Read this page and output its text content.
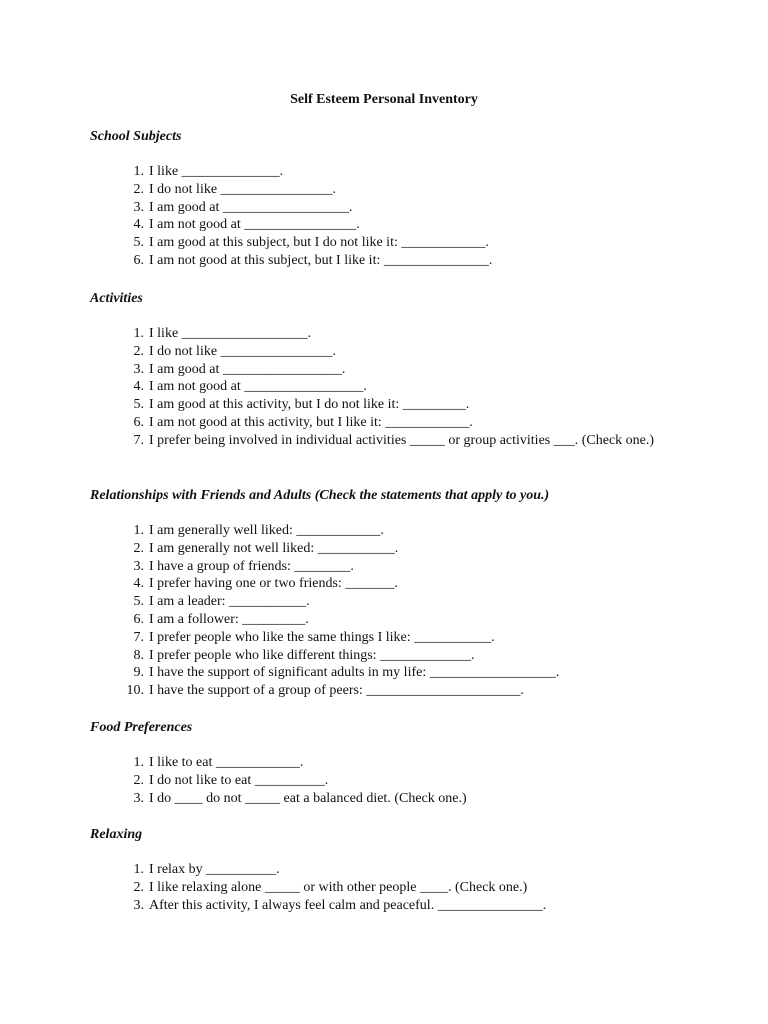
Self Esteem Personal Inventory
School Subjects
1. I like ______________.
2. I do not like ________________.
3. I am good at __________________.
4. I am not good at ________________.
5. I am good at this subject, but I do not like it: ____________.
6. I am not good at this subject, but I like it: _______________.
Activities
1. I like __________________.
2. I do not like ________________.
3. I am good at _________________.
4. I am not good at _________________.
5. I am good at this activity, but I do not like it: _________.
6. I am not good at this activity, but I like it: ____________.
7. I prefer being involved in individual activities _____ or group activities ___. (Check one.)
Relationships with Friends and Adults (Check the statements that apply to you.)
1. I am generally well liked: ____________.
2. I am generally not well liked: ___________.
3. I have a group of friends: ________.
4. I prefer having one or two friends: _______.
5. I am a leader: ___________.
6. I am a follower: _________.
7. I prefer people who like the same things I like: ___________.
8. I prefer people who like different things: _____________.
9. I have the support of significant adults in my life: __________________.
10. I have the support of a group of peers: ______________________.
Food Preferences
1. I like to eat ____________.
2. I do not like to eat __________.
3. I do ____ do not _____ eat a balanced diet. (Check one.)
Relaxing
1. I relax by __________.
2. I like relaxing alone _____ or with other people ____. (Check one.)
3. After this activity, I always feel calm and peaceful. _______________.
